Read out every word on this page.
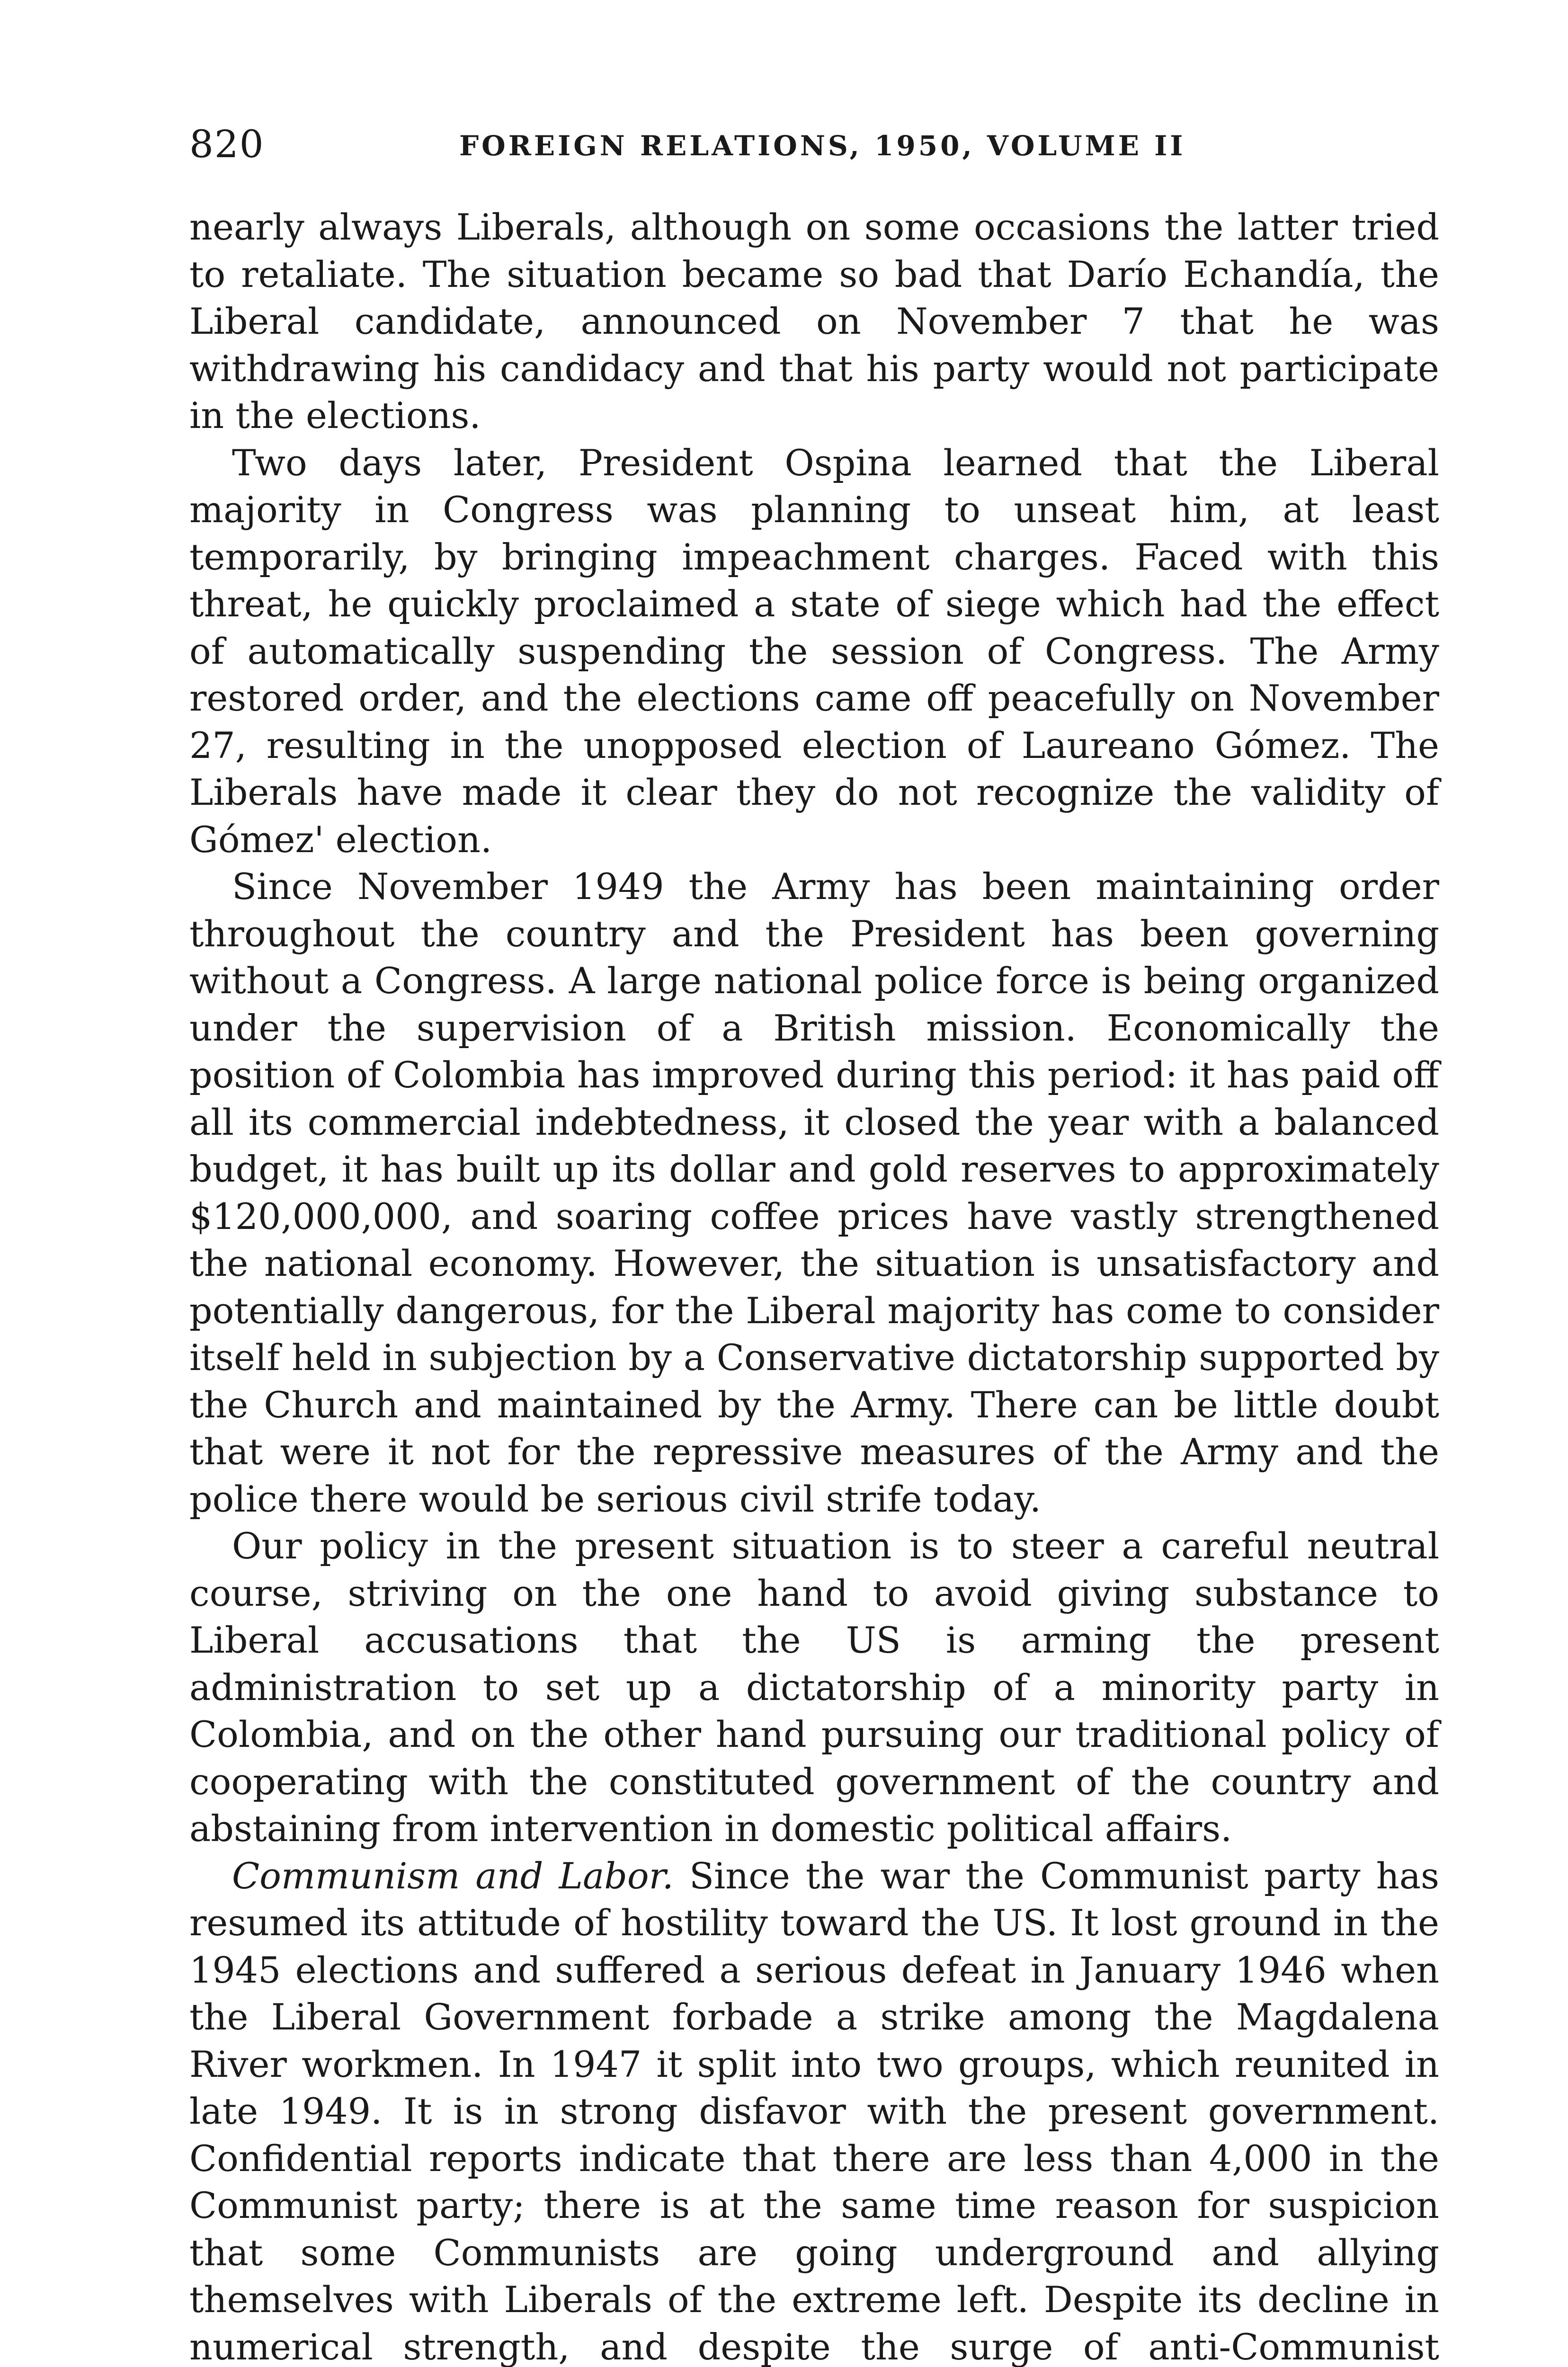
820	FOREIGN RELATIONS, 1950, VOLUME II

nearly always Liberals, although on some occasions the latter tried to retaliate. The situation became so bad that Darío Echandía, the Liberal candidate, announced on November 7 that he was withdrawing his candidacy and that his party would not participate in the elections.

Two days later, President Ospina learned that the Liberal majority in Congress was planning to unseat him, at least temporarily, by bringing impeachment charges. Faced with this threat, he quickly proclaimed a state of siege which had the effect of automatically suspending the session of Congress. The Army restored order, and the elections came off peacefully on November 27, resulting in the unopposed election of Laureano Gómez. The Liberals have made it clear they do not recognize the validity of Gómez' election.

Since November 1949 the Army has been maintaining order throughout the country and the President has been governing without a Congress. A large national police force is being organized under the supervision of a British mission. Economically the position of Colombia has improved during this period: it has paid off all its commercial indebtedness, it closed the year with a balanced budget, it has built up its dollar and gold reserves to approximately $120,000,000, and soaring coffee prices have vastly strengthened the national economy. However, the situation is unsatisfactory and potentially dangerous, for the Liberal majority has come to consider itself held in subjection by a Conservative dictatorship supported by the Church and maintained by the Army. There can be little doubt that were it not for the repressive measures of the Army and the police there would be serious civil strife today.

Our policy in the present situation is to steer a careful neutral course, striving on the one hand to avoid giving substance to Liberal accusations that the US is arming the present administration to set up a dictatorship of a minority party in Colombia, and on the other hand pursuing our traditional policy of cooperating with the constituted government of the country and abstaining from intervention in domestic political affairs.

Communism and Labor. Since the war the Communist party has resumed its attitude of hostility toward the US. It lost ground in the 1945 elections and suffered a serious defeat in January 1946 when the Liberal Government forbade a strike among the Magdalena River workmen. In 1947 it split into two groups, which reunited in late 1949. It is in strong disfavor with the present government. Confidential reports indicate that there are less than 4,000 in the Communist party; there is at the same time reason for suspicion that some Communists are going underground and allying themselves with Liberals of the extreme left. Despite its decline in numerical strength, and despite the surge of anti-Communist
